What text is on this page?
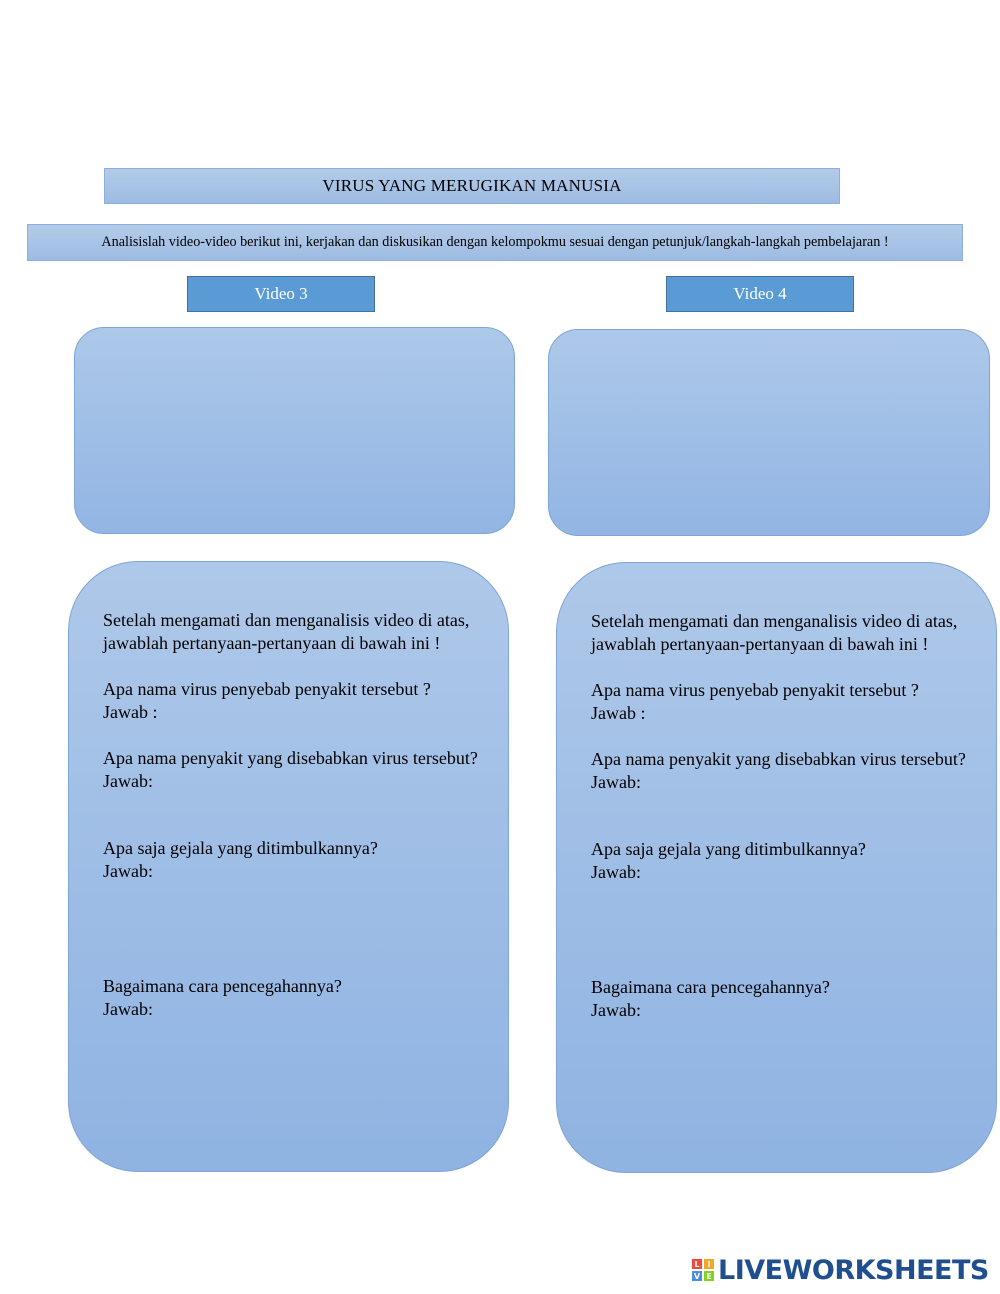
VIRUS YANG MERUGIKAN MANUSIA
Analisislah video-video berikut ini, kerjakan dan diskusikan dengan kelompokmu sesuai dengan petunjuk/langkah-langkah pembelajaran !
Video 3	Video 4

Setelah mengamati dan menganalisis video di atas, jawablah pertanyaan-pertanyaan di bawah ini !

Apa nama virus penyebab penyakit tersebut ?

Jawab :

Apa nama penyakit yang disebabkan virus tersebut?

Jawab:

Apa saja gejala yang ditimbulkannya?

Jawab:

Bagaimana cara pencegahannya?

Jawab:

Setelah mengamati dan menganalisis video di atas, jawablah pertanyaan-pertanyaan di bawah ini !

Apa nama virus penyebab penyakit tersebut ?

Jawab :

Apa nama penyakit yang disebabkan virus tersebut?

Jawab:

Apa saja gejala yang ditimbulkannya?

Jawab:

Bagaimana cara pencegahannya?

Jawab:

L I
V E LIVEWORKSHEETS
